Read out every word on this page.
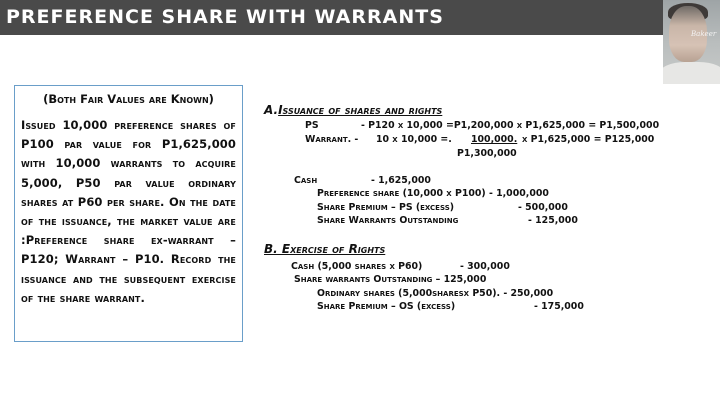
PREFERENCE SHARE WITH WARRANTS
Bakeer
(Both Fair Values are Known)
Issued 10,000 preference shares of P100 par value for P1,625,000 with 10,000 warrants to acquire 5,000, P50 par value ordinary shares at P60 per share. On the date of the issuance, the market value are :Preference share ex-warrant – P120; Warrant – P10. Record the issuance and the subsequent exercise of the share warrant.
A.Issuance of shares and rights
PS	- P120 x 10,000 =P1,200,000 x P1,625,000 = P1,500,000
Warrant. - 10 x 10,000 =. 100,000. x P1,625,000 = P125,000
P1,300,000
Cash	- 1,625,000
Preference share (10,000 x P100) - 1,000,000
Share Premium – PS (excess)	- 500,000
Share Warrants Outstanding	- 125,000
B. Exercise of Rights
Cash (5,000 shares x P60)	- 300,000
Share warrants Outstanding – 125,000
Ordinary shares (5,000sharesx P50). - 250,000
Share Premium – OS (excess)	- 175,000
